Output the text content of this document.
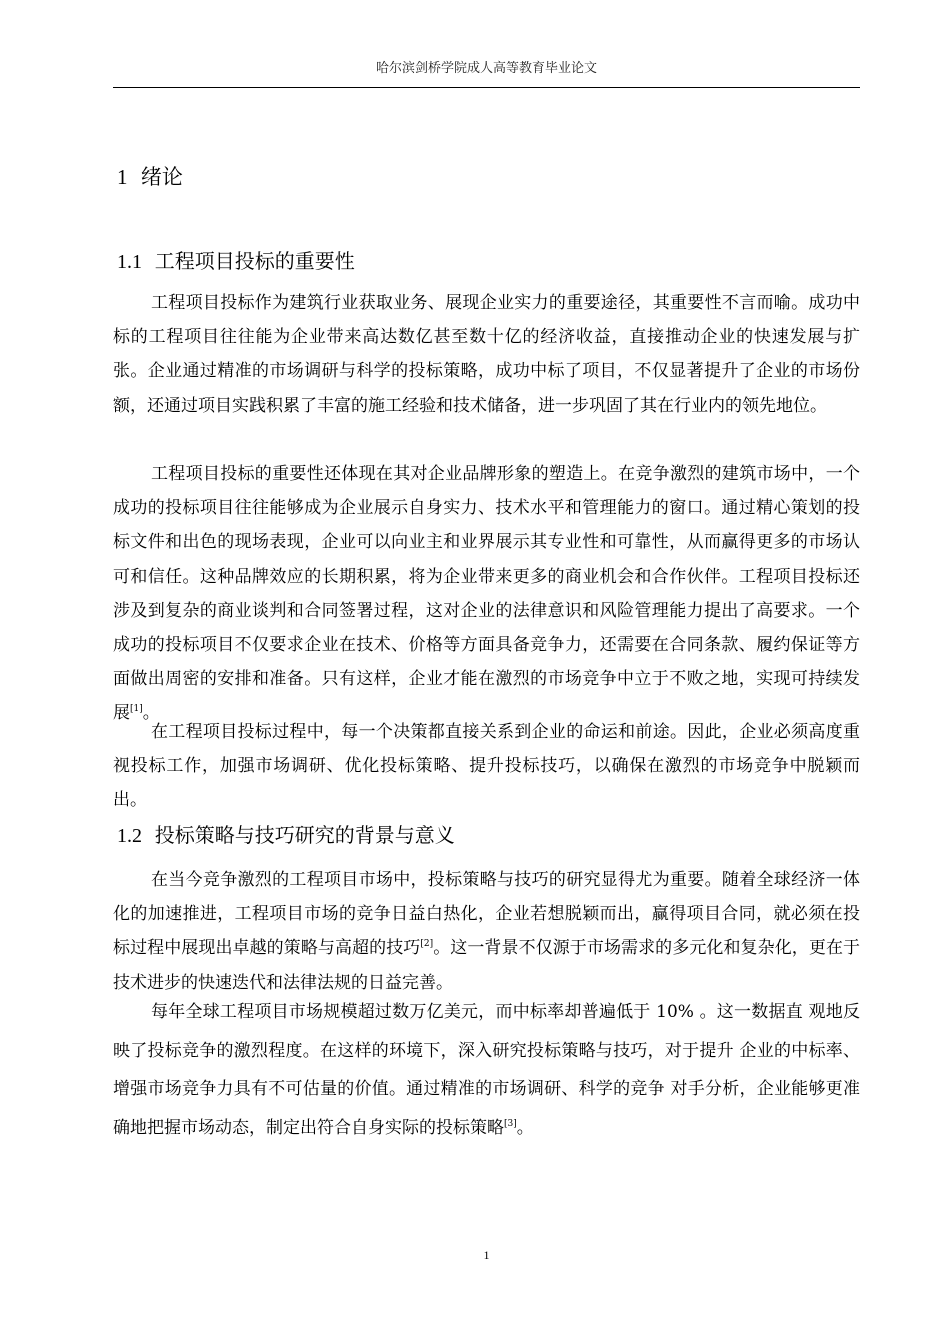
哈尔滨剑桥学院成人高等教育毕业论文
1 绪论
1.1 工程项目投标的重要性

工程项目投标作为建筑行业获取业务、展现企业实力的重要途径，其重要性不言而喻。成功中标的工程项目往往能为企业带来高达数亿甚至数十亿的经济收益，直接推动企业的快速发展与扩张。企业通过精准的市场调研与科学的投标策略，成功中标了项目，不仅显著提升了企业的市场份额，还通过项目实践积累了丰富的施工经验和技术储备，进一步巩固了其在行业内的领先地位。

工程项目投标的重要性还体现在其对企业品牌形象的塑造上。在竞争激烈的建筑市场中，一个成功的投标项目往往能够成为企业展示自身实力、技术水平和管理能力的窗口。通过精心策划的投标文件和出色的现场表现，企业可以向业主和业界展示其专业性和可靠性，从而赢得更多的市场认可和信任。这种品牌效应的长期积累，将为企业带来更多的商业机会和合作伙伴。工程项目投标还涉及到复杂的商业谈判和合同签署过程，这对企业的法律意识和风险管理能力提出了高要求。一个成功的投标项目不仅要求企业在技术、价格等方面具备竞争力，还需要在合同条款、履约保证等方面做出周密的安排和准备。只有这样，企业才能在激烈的市场竞争中立于不败之地，实现可持续发展[1]。

在工程项目投标过程中，每一个决策都直接关系到企业的命运和前途。因此，企业必须高度重视投标工作，加强市场调研、优化投标策略、提升投标技巧，以确保在激烈的市场竞争中脱颖而出。

1.2 投标策略与技巧研究的背景与意义

在当今竞争激烈的工程项目市场中，投标策略与技巧的研究显得尤为重要。随着全球经济一体化的加速推进，工程项目市场的竞争日益白热化，企业若想脱颖而出，赢得项目合同，就必须在投标过程中展现出卓越的策略与高超的技巧[2]。这一背景不仅源于市场需求的多元化和复杂化，更在于技术进步的快速迭代和法律法规的日益完善。

每年全球工程项目市场规模超过数万亿美元，而中标率却普遍低于 10% 。这一数据直 观地反映了投标竞争的激烈程度。在这样的环境下，深入研究投标策略与技巧，对于提升 企业的中标率、增强市场竞争力具有不可估量的价值。通过精准的市场调研、科学的竞争 对手分析，企业能够更准确地把握市场动态，制定出符合自身实际的投标策略[3]。

1
